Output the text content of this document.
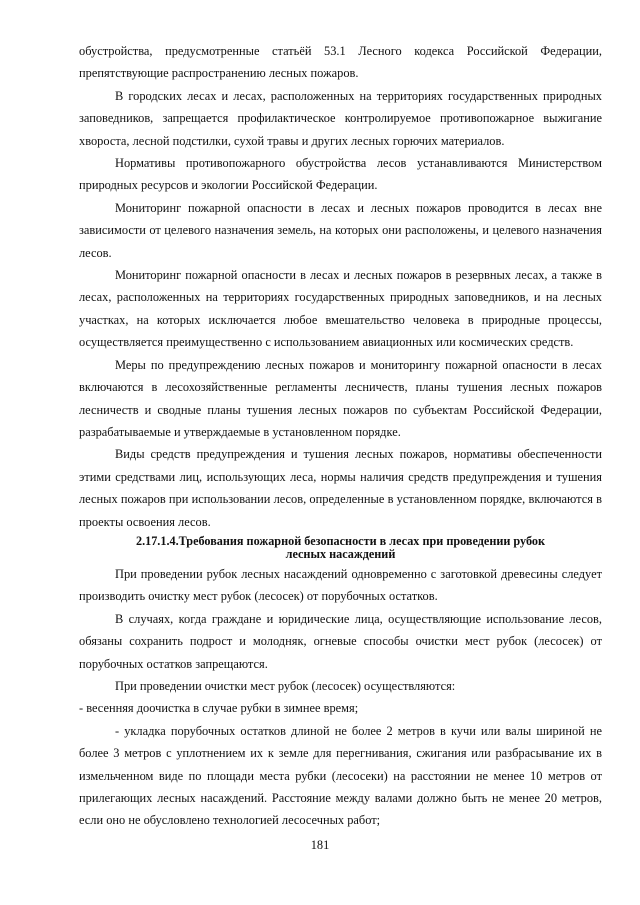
обустройства, предусмотренные статьёй 53.1 Лесного кодекса Российской Федерации, препятствующие распространению лесных пожаров.

В городских лесах и лесах, расположенных на территориях государственных природных заповедников, запрещается профилактическое контролируемое противопожарное выжигание хвороста, лесной подстилки, сухой травы и других лесных горючих материалов.

Нормативы противопожарного обустройства лесов устанавливаются Министерством природных ресурсов и экологии Российской Федерации.

Мониторинг пожарной опасности в лесах и лесных пожаров проводится в лесах вне зависимости от целевого назначения земель, на которых они расположены, и целевого назначения лесов.

Мониторинг пожарной опасности в лесах и лесных пожаров в резервных лесах, а также в лесах, расположенных на территориях государственных природных заповедников, и на лесных участках, на которых исключается любое вмешательство человека в природные процессы, осуществляется преимущественно с использованием авиационных или космических средств.

Меры по предупреждению лесных пожаров и мониторингу пожарной опасности в лесах включаются в лесохозяйственные регламенты лесничеств, планы тушения лесных пожаров лесничеств и сводные планы тушения лесных пожаров по субъектам Российской Федерации, разрабатываемые и утверждаемые в установленном порядке.

Виды средств предупреждения и тушения лесных пожаров, нормативы обеспеченности этими средствами лиц, использующих леса, нормы наличия средств предупреждения и тушения лесных пожаров при использовании лесов, определенные в установленном порядке, включаются в проекты освоения лесов.

2.17.1.4.Требования пожарной безопасности в лесах при проведении рубок
лесных насаждений

При проведении рубок лесных насаждений одновременно с заготовкой древесины следует производить очистку мест рубок (лесосек) от порубочных остатков.

В случаях, когда граждане и юридические лица, осуществляющие использование лесов, обязаны сохранить подрост и молодняк, огневые способы очистки мест рубок (лесосек) от порубочных остатков запрещаются.

При проведении очистки мест рубок (лесосек) осуществляются:

- весенняя доочистка в случае рубки в зимнее время;

- укладка порубочных остатков длиной не более 2 метров в кучи или валы шириной не более 3 метров с уплотнением их к земле для перегнивания, сжигания или разбрасывание их в измельченном виде по площади места рубки (лесосеки) на расстоянии не менее 10 метров от прилегающих лесных насаждений. Расстояние между валами должно быть не менее 20 метров, если оно не обусловлено технологией лесосечных работ;

181
